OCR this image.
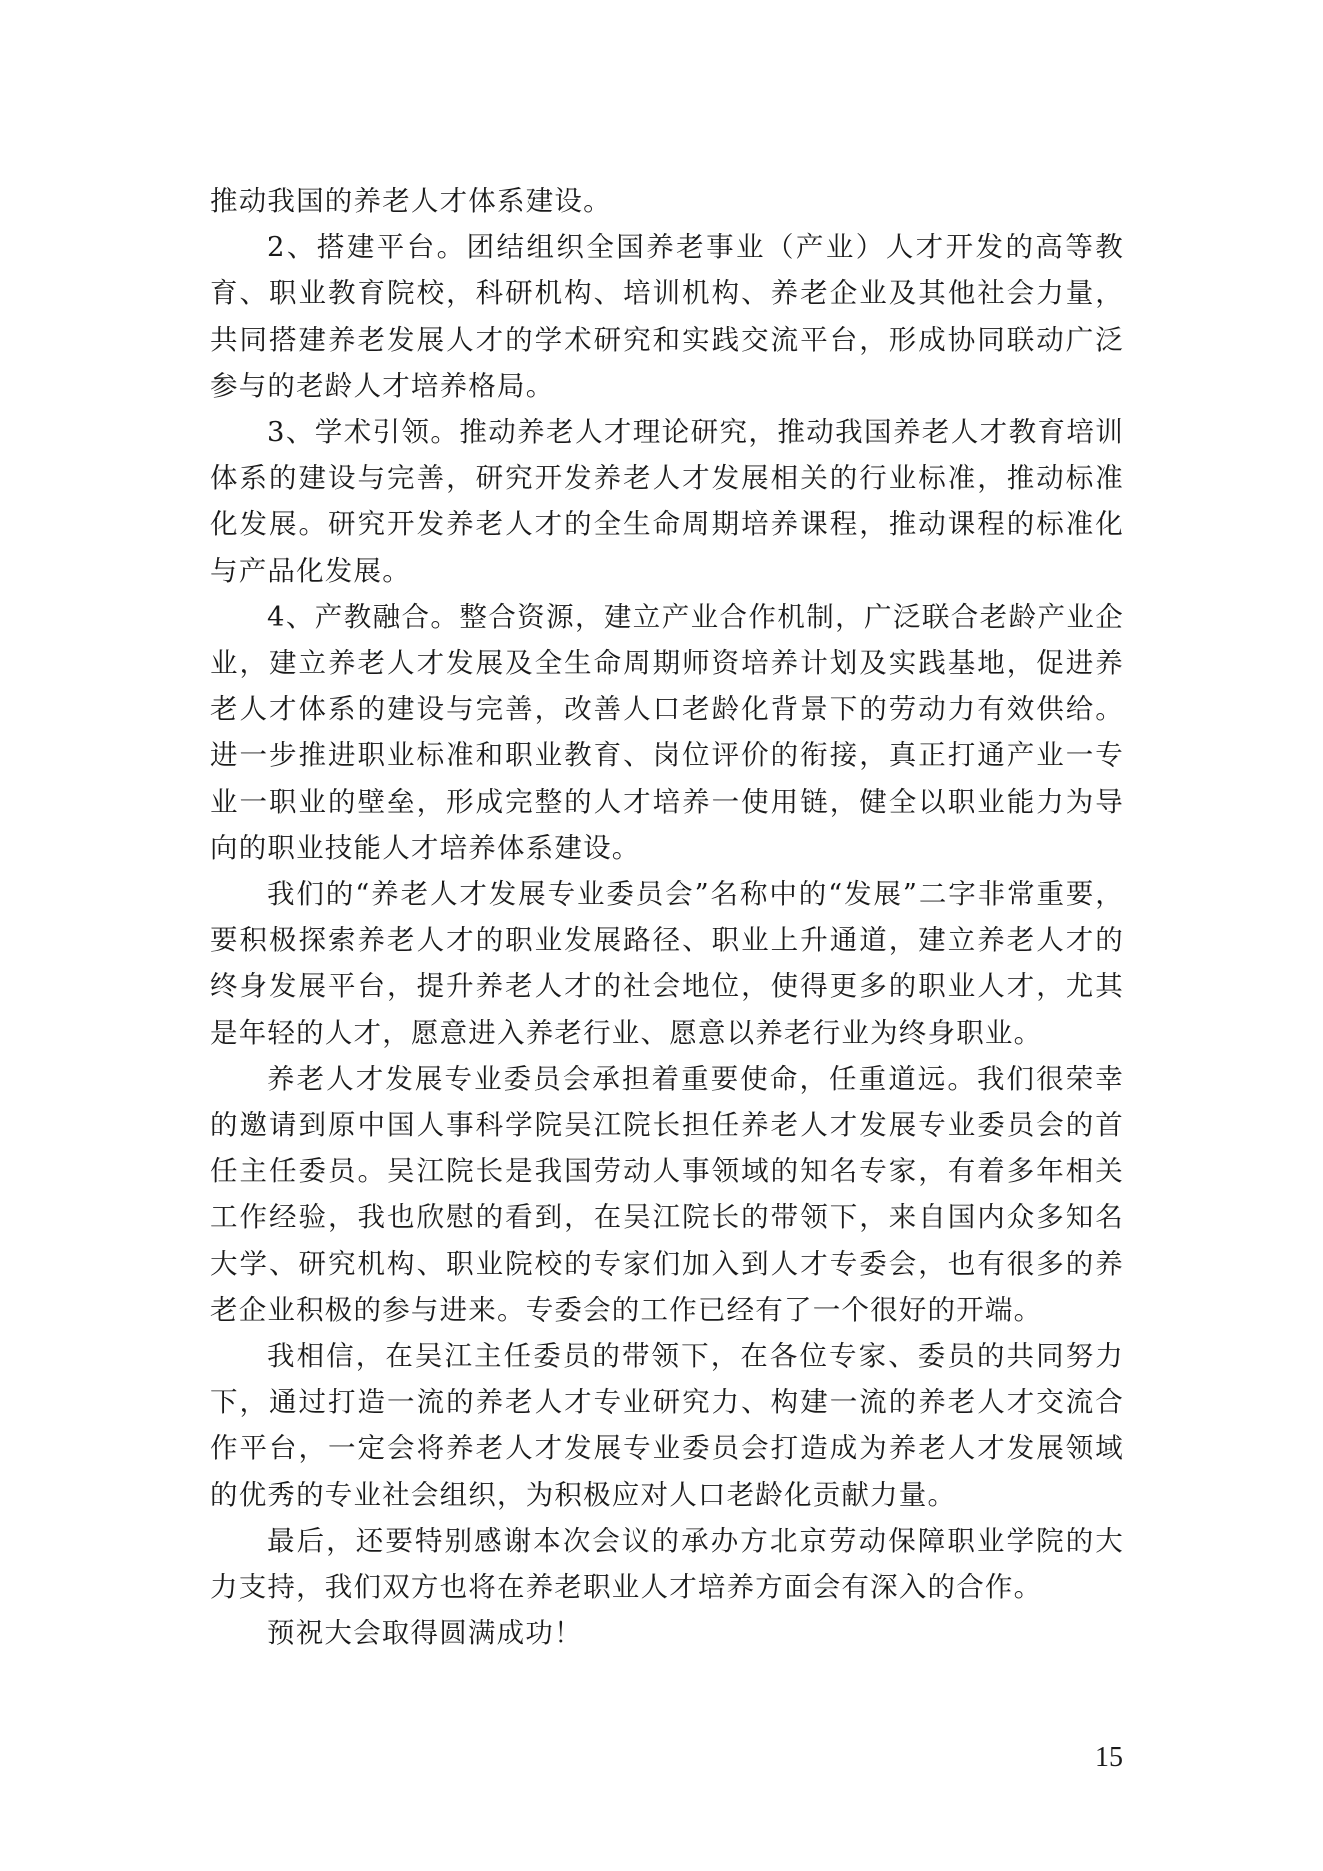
推动我国的养老人才体系建设。

2、搭建平台。团结组织全国养老事业（产业）人才开发的高等教育、职业教育院校，科研机构、培训机构、养老企业及其他社会力量，共同搭建养老发展人才的学术研究和实践交流平台，形成协同联动广泛参与的老龄人才培养格局。

3、学术引领。推动养老人才理论研究，推动我国养老人才教育培训体系的建设与完善，研究开发养老人才发展相关的行业标准，推动标准化发展。研究开发养老人才的全生命周期培养课程，推动课程的标准化与产品化发展。

4、产教融合。整合资源，建立产业合作机制，广泛联合老龄产业企业，建立养老人才发展及全生命周期师资培养计划及实践基地，促进养老人才体系的建设与完善，改善人口老龄化背景下的劳动力有效供给。进一步推进职业标准和职业教育、岗位评价的衔接，真正打通产业一专业一职业的壁垒，形成完整的人才培养一使用链，健全以职业能力为导向的职业技能人才培养体系建设。

我们的“养老人才发展专业委员会”名称中的“发展”二字非常重要，要积极探索养老人才的职业发展路径、职业上升通道，建立养老人才的终身发展平台，提升养老人才的社会地位，使得更多的职业人才，尤其是年轻的人才，愿意进入养老行业、愿意以养老行业为终身职业。

养老人才发展专业委员会承担着重要使命，任重道远。我们很荣幸的邀请到原中国人事科学院吴江院长担任养老人才发展专业委员会的首任主任委员。吴江院长是我国劳动人事领域的知名专家，有着多年相关工作经验，我也欣慰的看到，在吴江院长的带领下，来自国内众多知名大学、研究机构、职业院校的专家们加入到人才专委会，也有很多的养老企业积极的参与进来。专委会的工作已经有了一个很好的开端。

我相信，在吴江主任委员的带领下，在各位专家、委员的共同努力下，通过打造一流的养老人才专业研究力、构建一流的养老人才交流合作平台，一定会将养老人才发展专业委员会打造成为养老人才发展领域的优秀的专业社会组织，为积极应对人口老龄化贡献力量。

最后，还要特别感谢本次会议的承办方北京劳动保障职业学院的大力支持，我们双方也将在养老职业人才培养方面会有深入的合作。

预祝大会取得圆满成功！

15
